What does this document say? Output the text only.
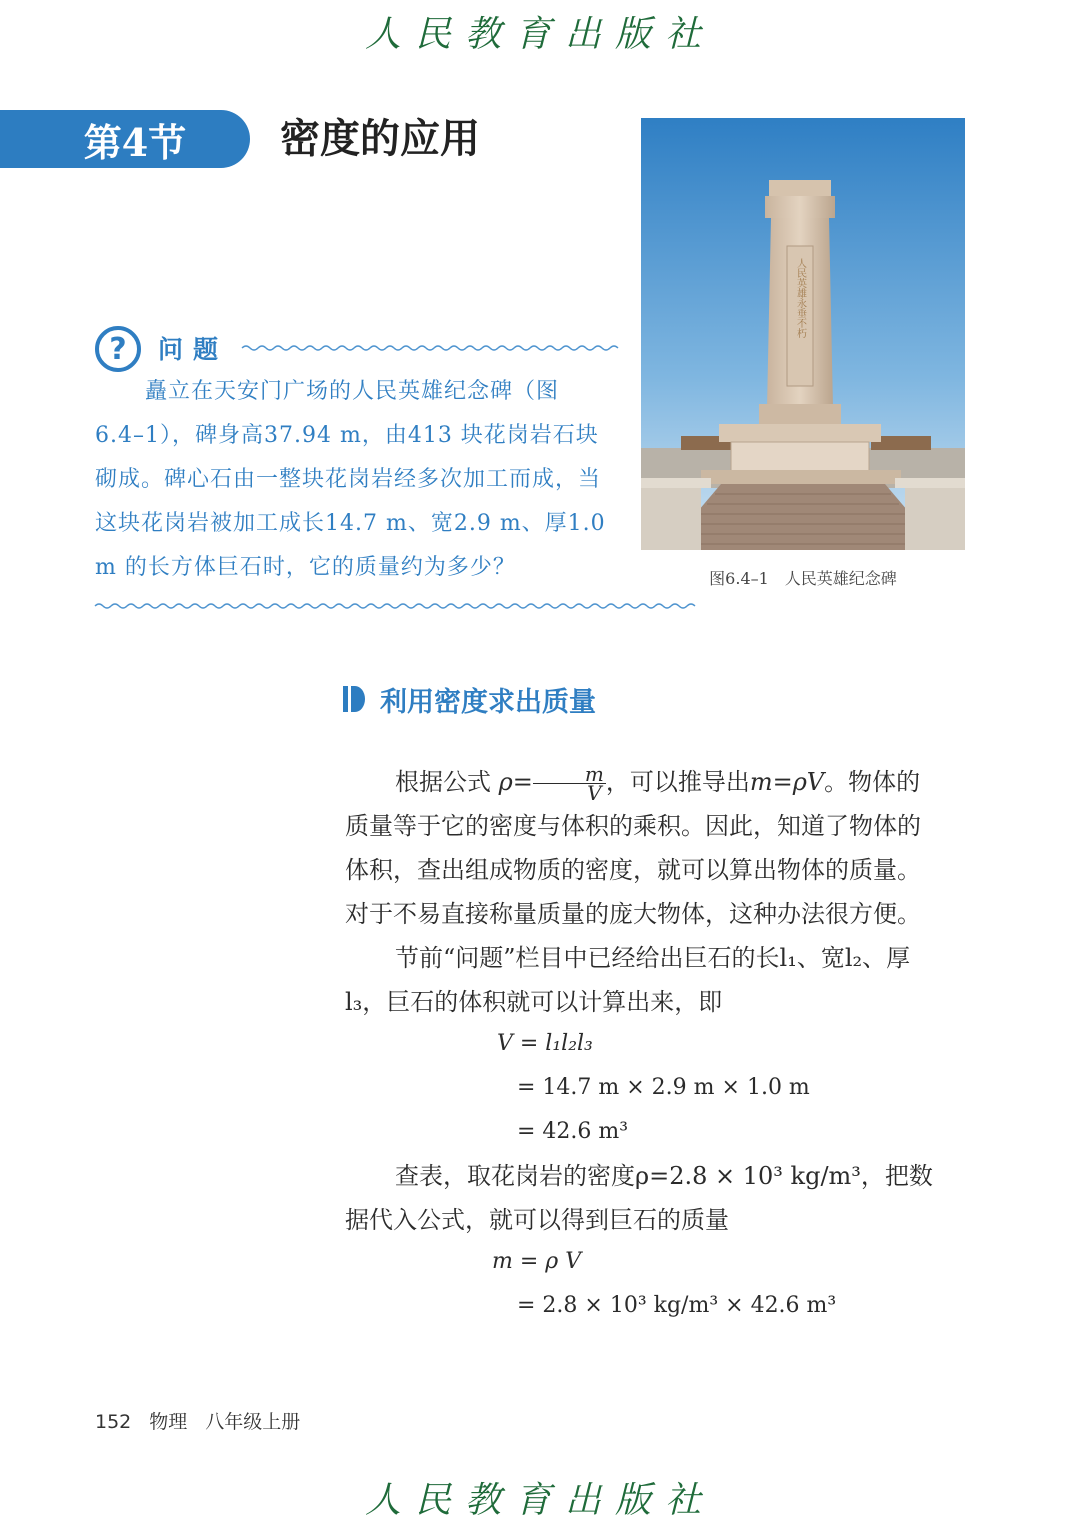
人民教育出版社
第4节	密度的应用
人民英雄永垂不朽
图6.4–1　人民英雄纪念碑
?	问题
矗立在天安门广场的人民英雄纪念碑（图6.4–1），碑身高37.94 m，由413 块花岗岩石块砌成。碑心石由一整块花岗岩经多次加工而成，当这块花岗岩被加工成长14.7 m、宽2.9 m、厚1.0 m 的长方体巨石时，它的质量约为多少？
利用密度求出质量
根据公式 $\rho= \frac{m}{V}$ ，可以推导出m=ρV。物体的质量等于它的密度与体积的乘积。因此，知道了物体的体积，查出组成物质的密度，就可以算出物体的质量。对于不易直接称量质量的庞大物体，这种办法很方便。
节前“问题”栏目中已经给出巨石的长l₁、宽l₂、厚l₃，巨石的体积就可以计算出来，即
V = l₁l₂l₃
= 14.7 m × 2.9 m × 1.0 m
= 42.6 m³
查表，取花岗岩的密度ρ=2.8 × 10³ kg/m³，把数据代入公式，就可以得到巨石的质量
m = ρ V
= 2.8 × 10³ kg/m³ × 42.6 m³
152 物理 八年级上册
人民教育出版社
